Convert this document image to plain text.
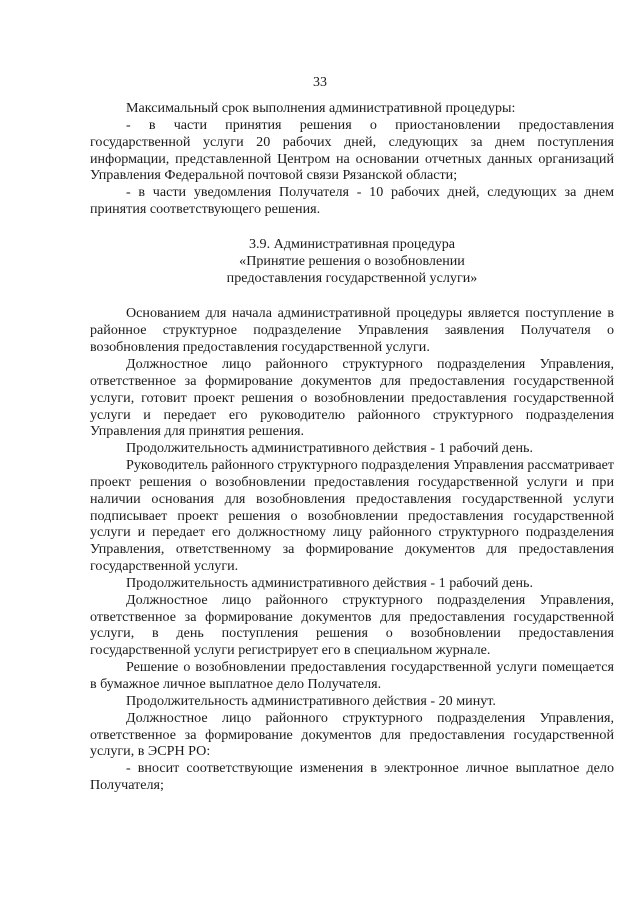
33

Максимальный срок выполнения административной процедуры:

- в части принятия решения о приостановлении предоставления государственной услуги 20 рабочих дней, следующих за днем поступления информации, представленной Центром на основании отчетных данных организаций Управления Федеральной почтовой связи Рязанской области;

- в части уведомления Получателя - 10 рабочих дней, следующих за днем принятия соответствующего решения.

3.9. Административная процедура
«Принятие решения о возобновлении
предоставления государственной услуги»

Основанием для начала административной процедуры является поступление в районное структурное подразделение Управления заявления Получателя о возобновления предоставления государственной услуги.

Должностное лицо районного структурного подразделения Управления, ответственное за формирование документов для предоставления государственной услуги, готовит проект решения о возобновлении предоставления государственной услуги и передает его руководителю районного структурного подразделения Управления для принятия решения.

Продолжительность административного действия - 1 рабочий день.

Руководитель районного структурного подразделения Управления рассматривает проект решения о возобновлении предоставления государственной услуги и при наличии основания для возобновления предоставления государственной услуги подписывает проект решения о возобновлении предоставления государственной услуги и передает его должностному лицу районного структурного подразделения Управления, ответственному за формирование документов для предоставления государственной услуги.

Продолжительность административного действия - 1 рабочий день.

Должностное лицо районного структурного подразделения Управления, ответственное за формирование документов для предоставления государственной услуги, в день поступления решения о возобновлении предоставления государственной услуги регистрирует его в специальном журнале.

Решение о возобновлении предоставления государственной услуги помещается в бумажное личное выплатное дело Получателя.

Продолжительность административного действия - 20 минут.

Должностное лицо районного структурного подразделения Управления, ответственное за формирование документов для предоставления государственной услуги, в ЭСРН РО:

- вносит соответствующие изменения в электронное личное выплатное дело Получателя;
